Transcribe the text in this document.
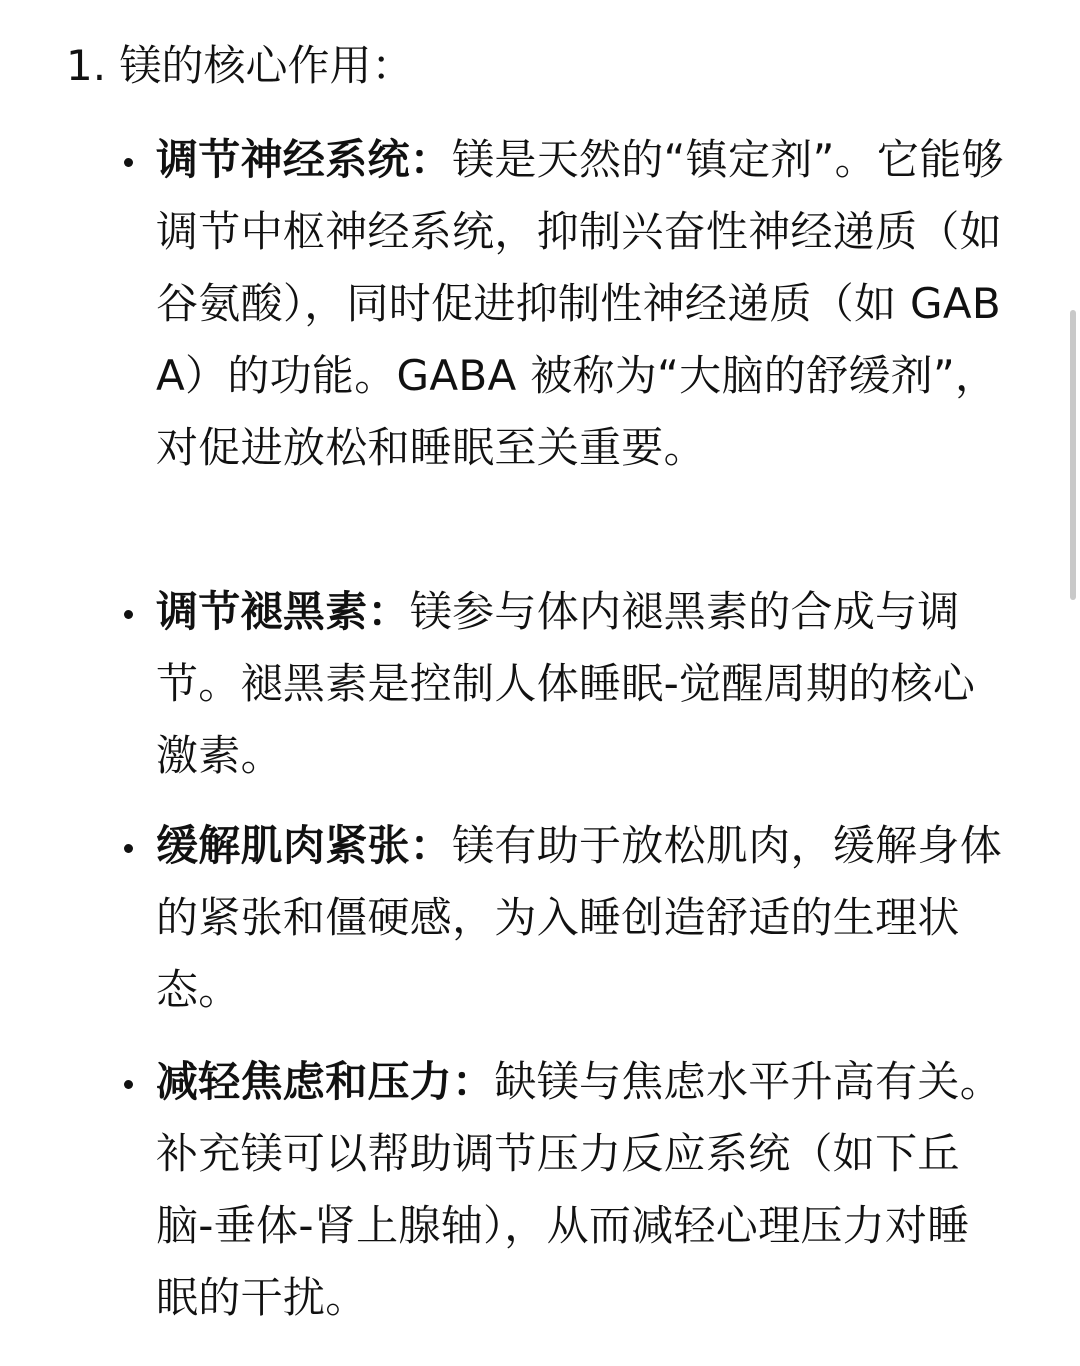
1. 镁的核心作用：
调节神经系统：镁是天然的“镇定剂”。它能够调节中枢神经系统，抑制兴奋性神经递质（如谷氨酸），同时促进抑制性神经递质（如 GABA）的功能。GABA 被称为“大脑的舒缓剂”，对促进放松和睡眠至关重要。
调节褪黑素：镁参与体内褪黑素的合成与调节。褪黑素是控制人体睡眠-觉醒周期的核心激素。
缓解肌肉紧张：镁有助于放松肌肉，缓解身体的紧张和僵硬感，为入睡创造舒适的生理状态。
减轻焦虑和压力：缺镁与焦虑水平升高有关。补充镁可以帮助调节压力反应系统（如下丘脑-垂体-肾上腺轴），从而减轻心理压力对睡眠的干扰。
